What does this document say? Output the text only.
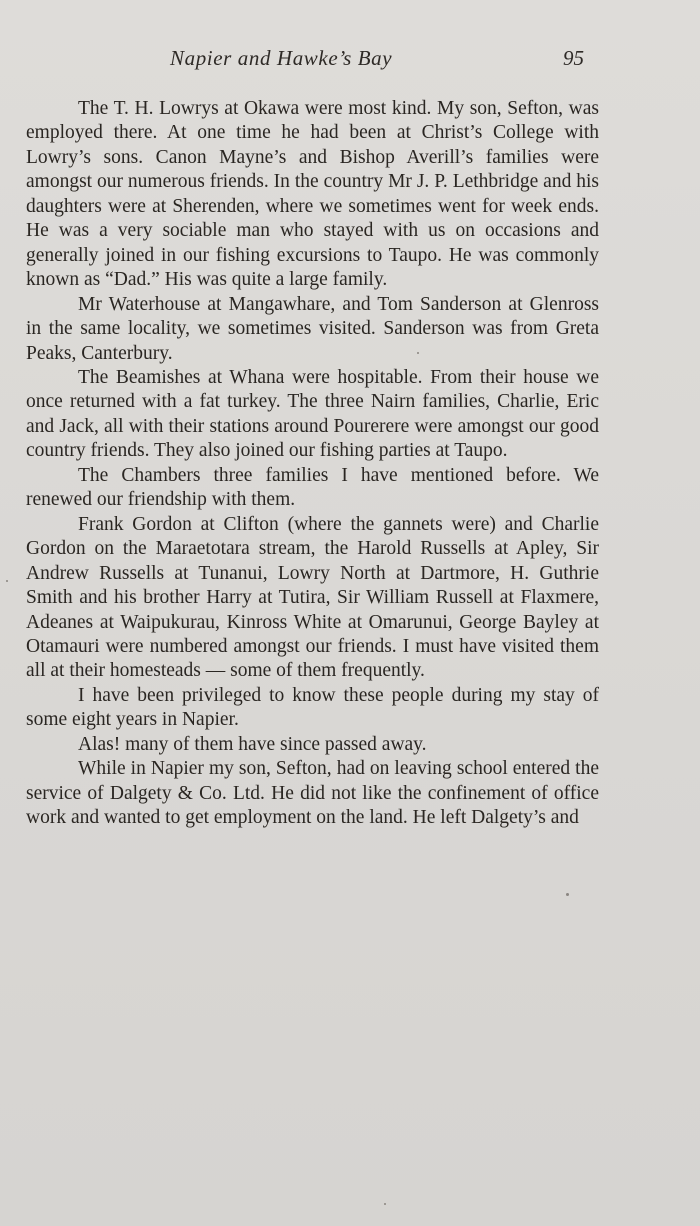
Napier and Hawke’s Bay	95

The T. H. Lowrys at Okawa were most kind. My son, Sefton, was employed there. At one time he had been at Christ’s College with Lowry’s sons. Canon Mayne’s and Bishop Averill’s families were amongst our numerous friends. In the country Mr J. P. Lethbridge and his daughters were at Sherenden, where we sometimes went for week ends. He was a very sociable man who stayed with us on occasions and generally joined in our fishing excursions to Taupo. He was commonly known as “Dad.” His was quite a large family.

Mr Waterhouse at Mangawhare, and Tom Sanderson at Glenross in the same locality, we sometimes visited. Sanderson was from Greta Peaks, Canterbury.

The Beamishes at Whana were hospitable. From their house we once returned with a fat turkey. The three Nairn families, Charlie, Eric and Jack, all with their stations around Pourerere were amongst our good country friends. They also joined our fishing parties at Taupo.

The Chambers three families I have mentioned before. We renewed our friendship with them.

Frank Gordon at Clifton (where the gannets were) and Charlie Gordon on the Maraetotara stream, the Harold Russells at Apley, Sir Andrew Russells at Tunanui, Lowry North at Dartmore, H. Guthrie Smith and his brother Harry at Tutira, Sir William Russell at Flaxmere, Adeanes at Waipukurau, Kinross White at Omarunui, George Bayley at Otamauri were numbered amongst our friends. I must have visited them all at their homesteads — some of them frequently.

I have been privileged to know these people during my stay of some eight years in Napier.

Alas! many of them have since passed away.

While in Napier my son, Sefton, had on leaving school entered the service of Dalgety & Co. Ltd. He did not like the confinement of office work and wanted to get employment on the land. He left Dalgety’s and
